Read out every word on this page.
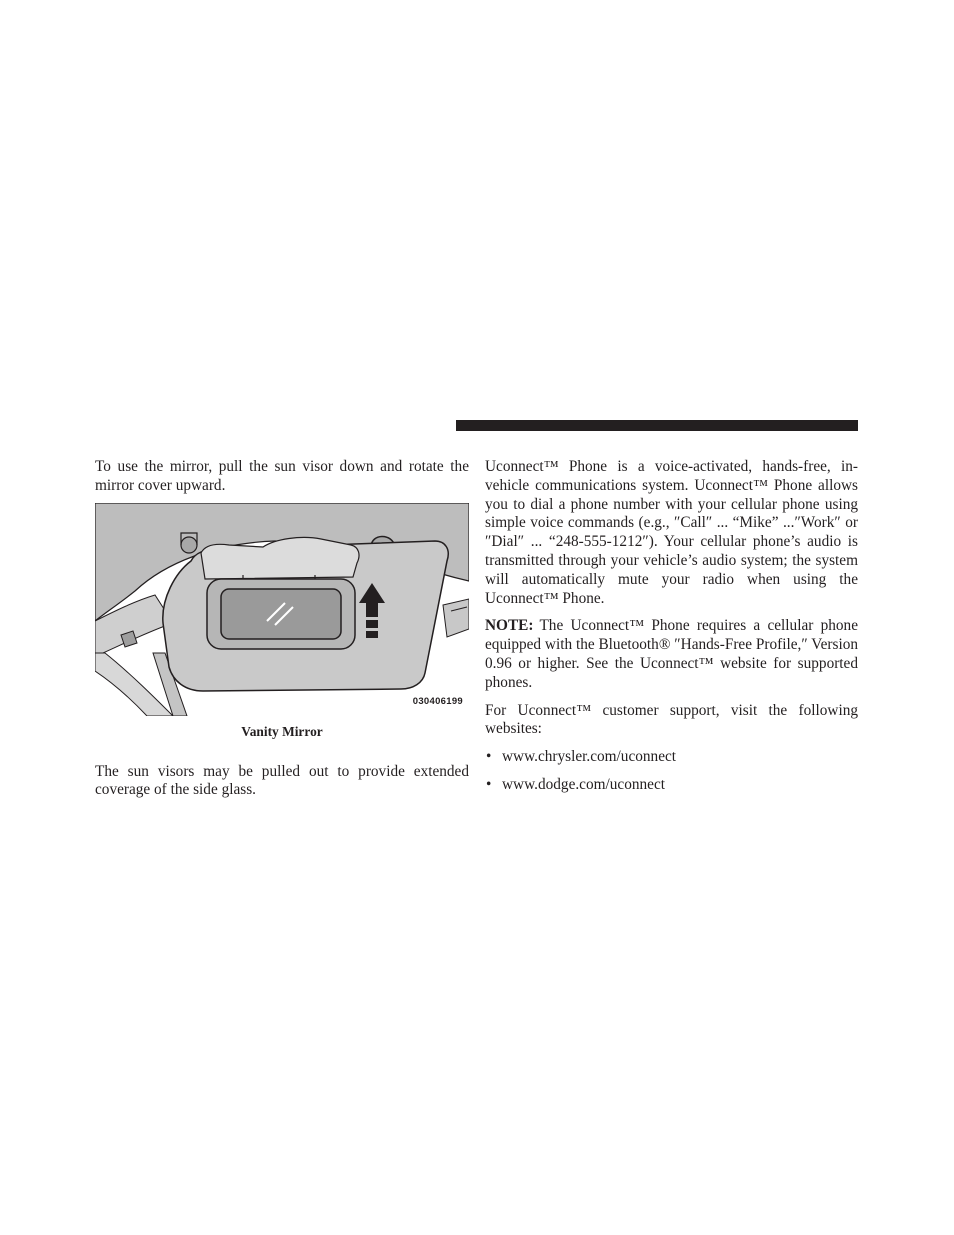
To use the mirror, pull the sun visor down and rotate the mirror cover upward.

030406199
Vanity Mirror

The sun visors may be pulled out to provide extended coverage of the side glass.

Uconnect™ Phone is a voice-activated, hands-free, in-vehicle communications system. Uconnect™ Phone allows you to dial a phone number with your cellular phone using simple voice commands (e.g., ″Call″ ... “Mike” ...″Work″ or ″Dial″ ... “248-555-1212″). Your cellular phone’s audio is transmitted through your vehicle’s audio system; the system will automatically mute your radio when using the Uconnect™ Phone.

NOTE: The Uconnect™ Phone requires a cellular phone equipped with the Bluetooth® ″Hands-Free Profile,″ Version 0.96 or higher. See the Uconnect™ website for supported phones.

For Uconnect™ customer support, visit the following websites:

• www.chrysler.com/uconnect
• www.dodge.com/uconnect
